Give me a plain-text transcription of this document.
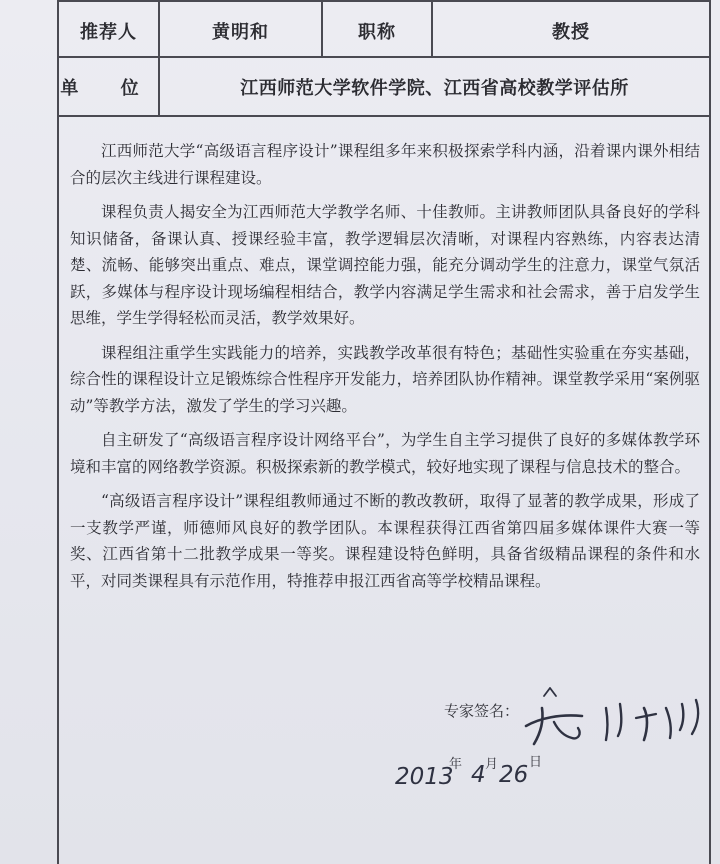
推荐人	黄明和	职称	教授
单 位	江西师范大学软件学院、江西省高校教学评估所

江西师范大学“高级语言程序设计”课程组多年来积极探索学科内涵，沿着课内课外相结合的层次主线进行课程建设。

课程负责人揭安全为江西师范大学教学名师、十佳教师。主讲教师团队具备良好的学科知识储备，备课认真、授课经验丰富，教学逻辑层次清晰，对课程内容熟练，内容表达清楚、流畅、能够突出重点、难点，课堂调控能力强，能充分调动学生的注意力，课堂气氛活跃，多媒体与程序设计现场编程相结合，教学内容满足学生需求和社会需求，善于启发学生思维，学生学得轻松而灵活，教学效果好。

课程组注重学生实践能力的培养，实践教学改革很有特色；基础性实验重在夯实基础，综合性的课程设计立足锻炼综合性程序开发能力，培养团队协作精神。课堂教学采用“案例驱动”等教学方法，激发了学生的学习兴趣。

自主研发了“高级语言程序设计网络平台”，为学生自主学习提供了良好的多媒体教学环境和丰富的网络教学资源。积极探索新的教学模式，较好地实现了课程与信息技术的整合。

“高级语言程序设计”课程组教师通过不断的教改教研，取得了显著的教学成果，形成了一支教学严谨，师德师风良好的教学团队。本课程获得江西省第四届多媒体课件大赛一等奖、江西省第十二批教学成果一等奖。课程建设特色鲜明，具备省级精品课程的条件和水平，对同类课程具有示范作用，特推荐申报江西省高等学校精品课程。

专家签名：
2013
年 4 月 26 日
